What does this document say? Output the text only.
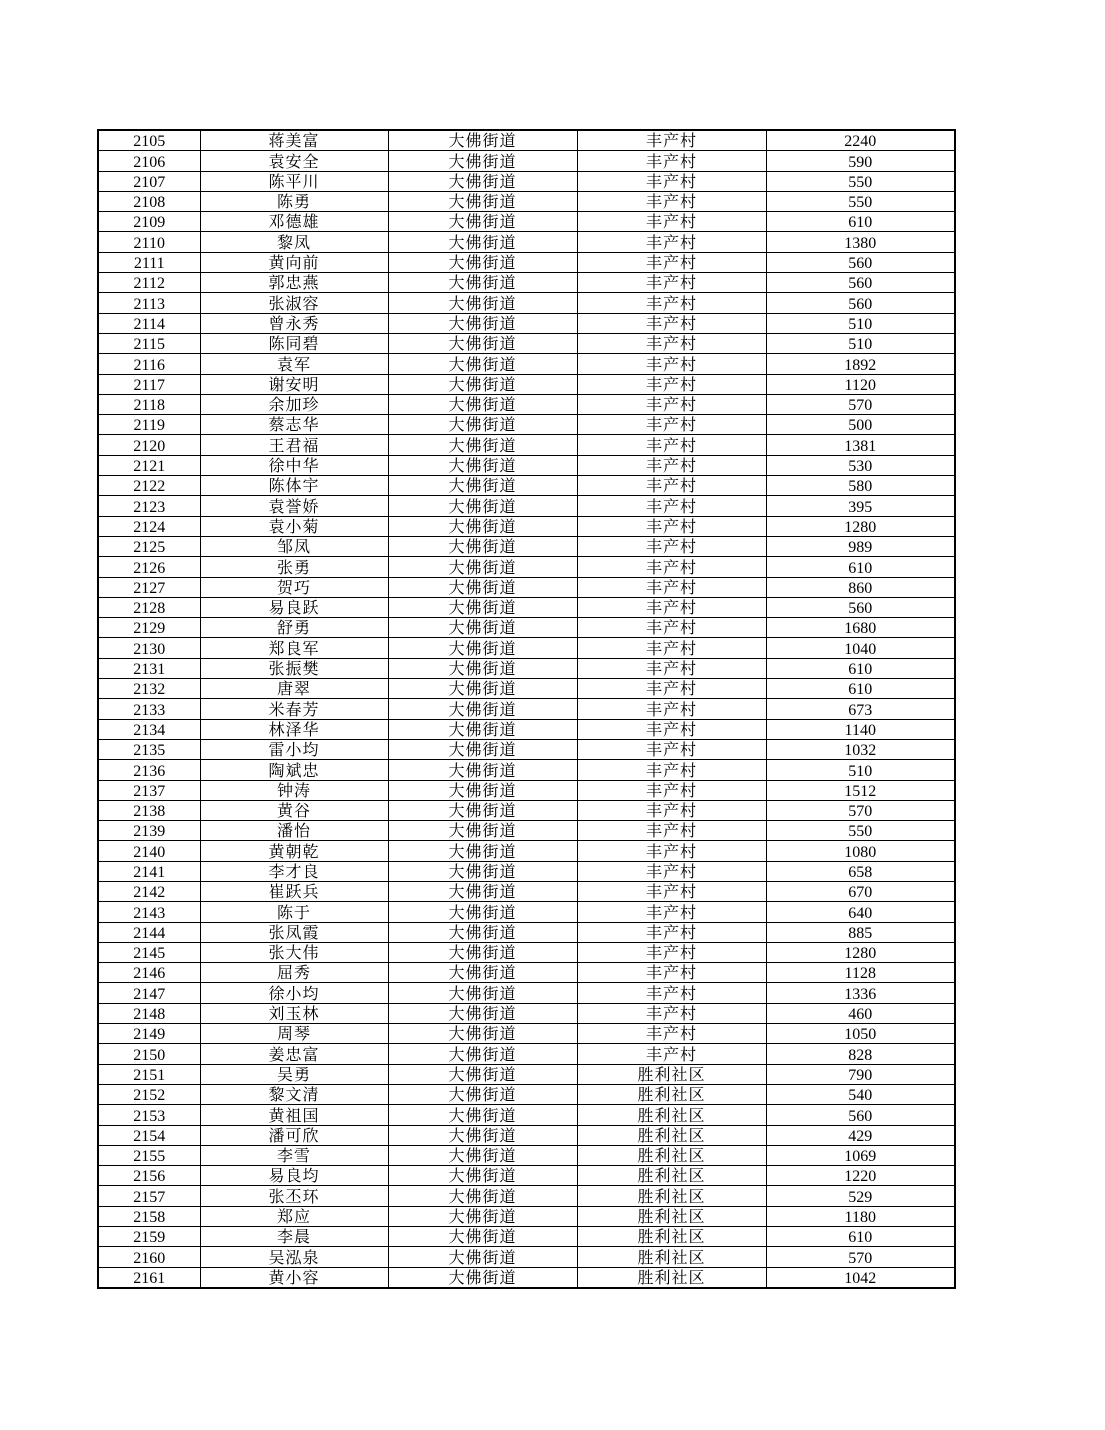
2105	蒋美富	大佛街道	丰产村	2240
2106	袁安全	大佛街道	丰产村	590
2107	陈平川	大佛街道	丰产村	550
2108	陈勇	大佛街道	丰产村	550
2109	邓德雄	大佛街道	丰产村	610
2110	黎凤	大佛街道	丰产村	1380
2111	黄向前	大佛街道	丰产村	560
2112	郭忠燕	大佛街道	丰产村	560
2113	张淑容	大佛街道	丰产村	560
2114	曾永秀	大佛街道	丰产村	510
2115	陈同碧	大佛街道	丰产村	510
2116	袁军	大佛街道	丰产村	1892
2117	谢安明	大佛街道	丰产村	1120
2118	余加珍	大佛街道	丰产村	570
2119	蔡志华	大佛街道	丰产村	500
2120	王君福	大佛街道	丰产村	1381
2121	徐中华	大佛街道	丰产村	530
2122	陈体宇	大佛街道	丰产村	580
2123	袁誉娇	大佛街道	丰产村	395
2124	袁小菊	大佛街道	丰产村	1280
2125	邹凤	大佛街道	丰产村	989
2126	张勇	大佛街道	丰产村	610
2127	贺巧	大佛街道	丰产村	860
2128	易良跃	大佛街道	丰产村	560
2129	舒勇	大佛街道	丰产村	1680
2130	郑良军	大佛街道	丰产村	1040
2131	张振樊	大佛街道	丰产村	610
2132	唐翠	大佛街道	丰产村	610
2133	米春芳	大佛街道	丰产村	673
2134	林泽华	大佛街道	丰产村	1140
2135	雷小均	大佛街道	丰产村	1032
2136	陶斌忠	大佛街道	丰产村	510
2137	钟涛	大佛街道	丰产村	1512
2138	黄谷	大佛街道	丰产村	570
2139	潘怡	大佛街道	丰产村	550
2140	黄朝乾	大佛街道	丰产村	1080
2141	李才良	大佛街道	丰产村	658
2142	崔跃兵	大佛街道	丰产村	670
2143	陈于	大佛街道	丰产村	640
2144	张凤霞	大佛街道	丰产村	885
2145	张大伟	大佛街道	丰产村	1280
2146	屈秀	大佛街道	丰产村	1128
2147	徐小均	大佛街道	丰产村	1336
2148	刘玉林	大佛街道	丰产村	460
2149	周琴	大佛街道	丰产村	1050
2150	姜忠富	大佛街道	丰产村	828
2151	吴勇	大佛街道	胜利社区	790
2152	黎文清	大佛街道	胜利社区	540
2153	黄祖国	大佛街道	胜利社区	560
2154	潘可欣	大佛街道	胜利社区	429
2155	李雪	大佛街道	胜利社区	1069
2156	易良均	大佛街道	胜利社区	1220
2157	张丕环	大佛街道	胜利社区	529
2158	郑应	大佛街道	胜利社区	1180
2159	李晨	大佛街道	胜利社区	610
2160	吴泓泉	大佛街道	胜利社区	570
2161	黄小容	大佛街道	胜利社区	1042
